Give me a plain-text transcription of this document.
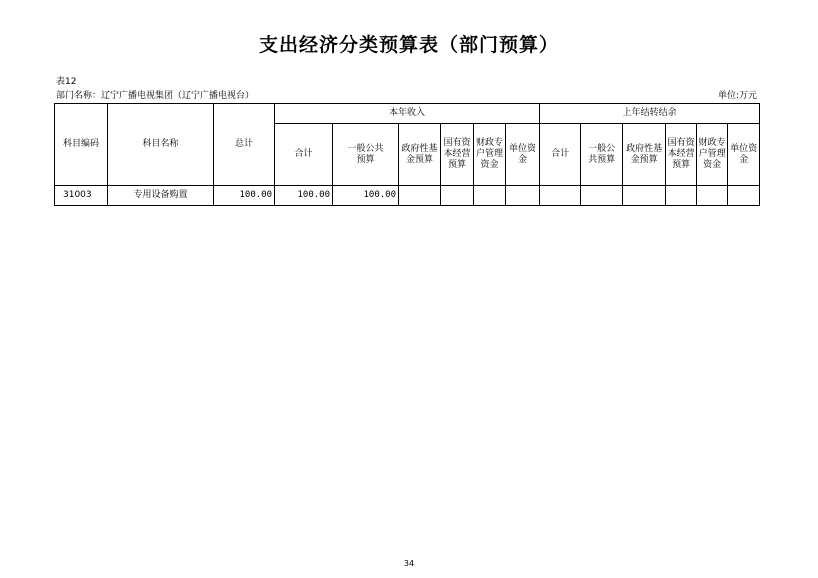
支出经济分类预算表（部门预算）
表12
部门名称：辽宁广播电视集团（辽宁广播电视台）	单位:万元
科目编码	科目名称	总计	本年收入						上年结转结余					
			合计	一般公共预算	政府性基金预算	国有资本经营预算	财政专户管理资金	单位资金	合计	一般公共预算	政府性基金预算	国有资本经营预算	财政专户管理资金	单位资金
31003	专用设备购置	100.00	100.00	100.00										
34
